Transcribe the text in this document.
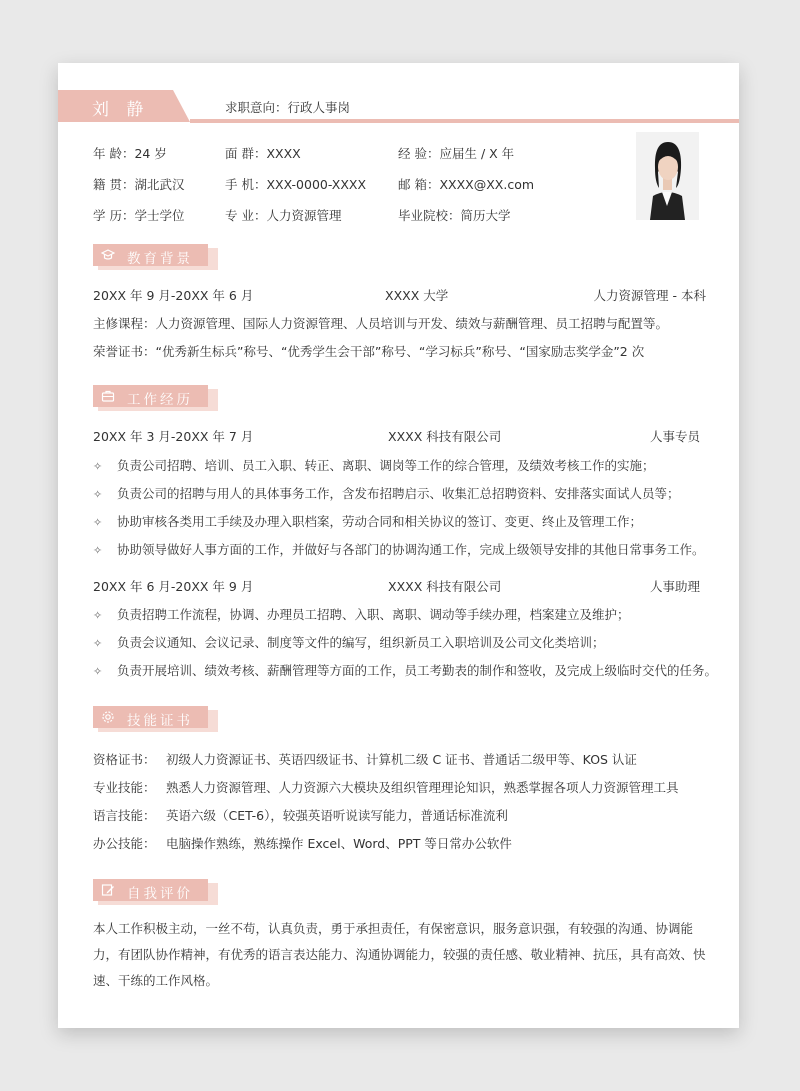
刘 静	求职意向：行政人事岗
年 龄：24 岁	面 群：XXXX	经 验：应届生 / X 年
籍 贯：湖北武汉	手 机：XXX-0000-XXXX	邮 箱：XXXX@XX.com
学 历：学士学位	专 业：人力资源管理	毕业院校：简历大学
教育背景
20XX 年 9 月-20XX 年 6 月	XXXX 大学	人力资源管理 - 本科
主修课程：人力资源管理、国际人力资源管理、人员培训与开发、绩效与薪酬管理、员工招聘与配置等。
荣誉证书：“优秀新生标兵”称号、“优秀学生会干部”称号、“学习标兵”称号、“国家励志奖学金”2 次
工作经历
20XX 年 3 月-20XX 年 7 月	XXXX 科技有限公司	人事专员
✧ 负责公司招聘、培训、员工入职、转正、离职、调岗等工作的综合管理，及绩效考核工作的实施；
✧ 负责公司的招聘与用人的具体事务工作，含发布招聘启示、收集汇总招聘资料、安排落实面试人员等；
✧ 协助审核各类用工手续及办理入职档案，劳动合同和相关协议的签订、变更、终止及管理工作；
✧ 协助领导做好人事方面的工作，并做好与各部门的协调沟通工作，完成上级领导安排的其他日常事务工作。
20XX 年 6 月-20XX 年 9 月	XXXX 科技有限公司	人事助理
✧ 负责招聘工作流程，协调、办理员工招聘、入职、离职、调动等手续办理，档案建立及维护；
✧ 负责会议通知、会议记录、制度等文件的编写，组织新员工入职培训及公司文化类培训；
✧ 负责开展培训、绩效考核、薪酬管理等方面的工作，员工考勤表的制作和签收，及完成上级临时交代的任务。
技能证书
资格证书： 初级人力资源证书、英语四级证书、计算机二级 C 证书、普通话二级甲等、KOS 认证
专业技能： 熟悉人力资源管理、人力资源六大模块及组织管理理论知识，熟悉掌握各项人力资源管理工具
语言技能： 英语六级（CET-6），较强英语听说读写能力，普通话标准流利
办公技能： 电脑操作熟练，熟练操作 Excel、Word、PPT 等日常办公软件
自我评价
本人工作积极主动，一丝不苟，认真负责，勇于承担责任，有保密意识，服务意识强，有较强的沟通、协调能力，有团队协作精神，有优秀的语言表达能力、沟通协调能力，较强的责任感、敬业精神、抗压，具有高效、快速、干练的工作风格。
